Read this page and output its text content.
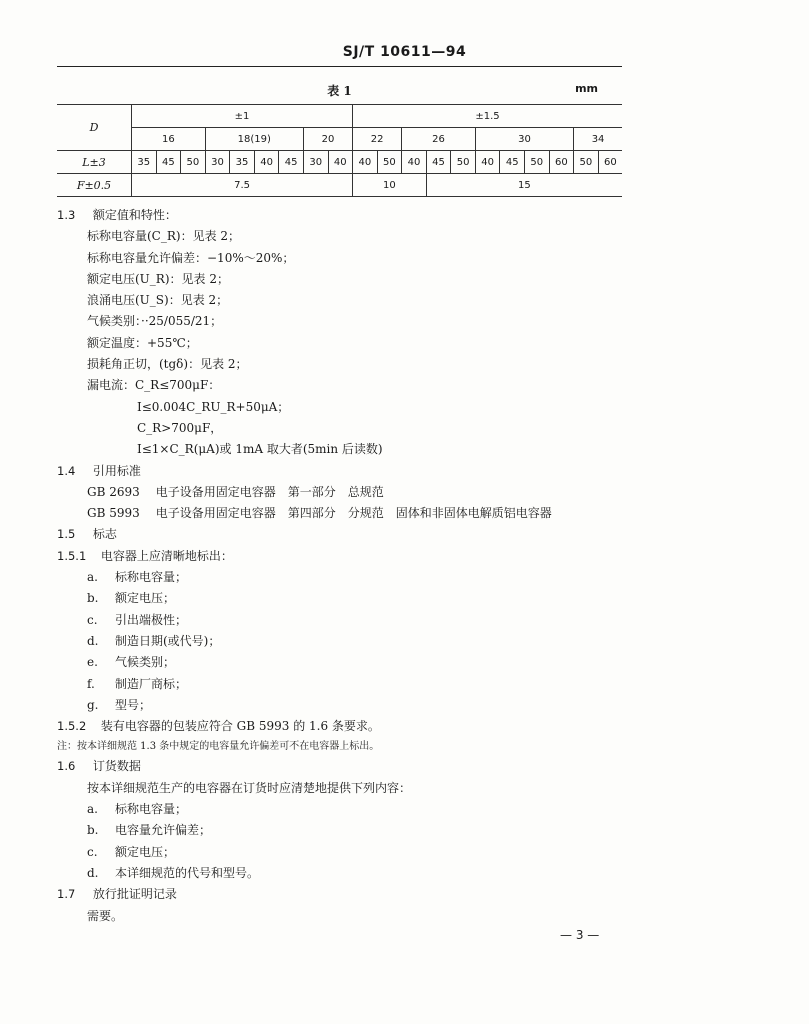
SJ/T 10611—94
表 1	mm
D	±1									±1.5										
	16			18(19)				20		22		26			30				34	
L±3	35	45	50	30	35	40	45	30	40	40	50	40	45	50	40	45	50	60	50	60
F±0.5	7.5									10			15							
1.3 额定值和特性：
标称电容量(C_R)：见表 2；
标称电容量允许偏差：−10%～20%；
额定电压(U_R)：见表 2；
浪涌电压(U_S)：见表 2；
气候类别：··25/055/21；
额定温度：+55℃；
损耗角正切，(tgδ)：见表 2；
漏电流：C_R≤700μF：
I≤0.004C_RU_R+50μA；
C_R>700μF，
I≤1×C_R(μA)或 1mA 取大者(5min 后读数)
1.4 引用标准
GB 2693 电子设备用固定电容器　第一部分　总规范
GB 5993 电子设备用固定电容器　第四部分　分规范　固体和非固体电解质铝电容器
1.5 标志
1.5.1 电容器上应清晰地标出：
a. 标称电容量；
b. 额定电压；
c. 引出端极性；
d. 制造日期(或代号)；
e. 气候类别；
f. 制造厂商标；
g. 型号；
1.5.2 装有电容器的包装应符合 GB 5993 的 1.6 条要求。
注：按本详细规范 1.3 条中规定的电容量允许偏差可不在电容器上标出。
1.6 订货数据
按本详细规范生产的电容器在订货时应清楚地提供下列内容：
a. 标称电容量；
b. 电容量允许偏差；
c. 额定电压；
d. 本详细规范的代号和型号。
1.7 放行批证明记录
需要。
— 3 —
